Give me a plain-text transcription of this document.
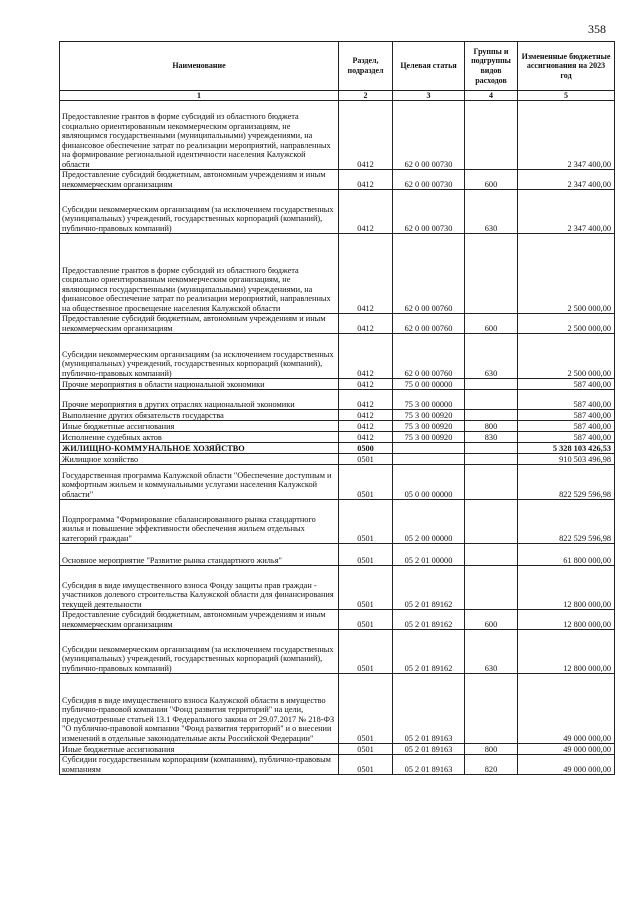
358
Наименование	Раздел, подраздел	Целевая статья	Группы и подгруппы видов расходов	Измененные бюджетные ассигнования на 2023 год
1	2	3	4	5
Предоставление грантов в форме субсидий из областного бюджета социально ориентированным некоммерческим организациям, не являющимся государственными (муниципальными) учреждениями, на финансовое обеспечение затрат по реализации мероприятий, направленных на формирование региональной идентичности населения Калужской области	0412	62 0 00 00730		2 347 400,00
Предоставление субсидий бюджетным, автономным учреждениям и иным некоммерческим организациям	0412	62 0 00 00730	600	2 347 400,00
Субсидии некоммерческим организациям (за исключением государственных (муниципальных) учреждений, государственных корпораций (компаний), публично-правовых компаний)	0412	62 0 00 00730	630	2 347 400,00
Предоставление грантов в форме субсидий из областного бюджета социально ориентированным некоммерческим организациям, не являющимся государственными (муниципальными) учреждениями, на финансовое обеспечение затрат по реализации мероприятий, направленных на общественное просвещение населения Калужской области	0412	62 0 00 00760		2 500 000,00
Предоставление субсидий бюджетным, автономным учреждениям и иным некоммерческим организациям	0412	62 0 00 00760	600	2 500 000,00
Субсидии некоммерческим организациям (за исключением государственных (муниципальных) учреждений, государственных корпораций (компаний), публично-правовых компаний)	0412	62 0 00 00760	630	2 500 000,00
Прочие мероприятия в области национальной экономики	0412	75 0 00 00000		587 400,00
Прочие мероприятия в других отраслях национальной экономики	0412	75 3 00 00000		587 400,00
Выполнение других обязательств государства	0412	75 3 00 00920		587 400,00
Иные бюджетные ассигнования	0412	75 3 00 00920	800	587 400,00
Исполнение судебных актов	0412	75 3 00 00920	830	587 400,00
ЖИЛИЩНО-КОММУНАЛЬНОЕ ХОЗЯЙСТВО	0500			5 328 103 426,53
Жилищное хозяйство	0501			910 503 496,98
Государственная программа Калужской области "Обеспечение доступным и комфортным жильем и коммунальными услугами населения Калужской области"	0501	05 0 00 00000		822 529 596,98
Подпрограмма "Формирование сбалансированного рынка стандартного жилья и повышение эффективности обеспечения жильем отдельных категорий граждан"	0501	05 2 00 00000		822 529 596,98
Основное мероприятие "Развитие рынка стандартного жилья"	0501	05 2 01 00000		61 800 000,00
Субсидия в виде имущественного взноса Фонду защиты прав граждан - участников долевого строительства Калужской области для финансирования текущей деятельности	0501	05 2 01 89162		12 800 000,00
Предоставление субсидий бюджетным, автономным учреждениям и иным некоммерческим организациям	0501	05 2 01 89162	600	12 800 000,00
Субсидии некоммерческим организациям (за исключением государственных (муниципальных) учреждений, государственных корпораций (компаний), публично-правовых компаний)	0501	05 2 01 89162	630	12 800 000,00
Субсидия в виде имущественного взноса Калужской области в имущество публично-правовой компании "Фонд развития территорий" на цели, предусмотренные статьей 13.1 Федерального закона от 29.07.2017 № 218-ФЗ "О публично-правовой компании "Фонд развития территорий" и о внесении изменений в отдельные законодательные акты Российской Федерации"	0501	05 2 01 89163		49 000 000,00
Иные бюджетные ассигнования	0501	05 2 01 89163	800	49 000 000,00
Субсидии государственным корпорациям (компаниям), публично-правовым компаниям	0501	05 2 01 89163	820	49 000 000,00
